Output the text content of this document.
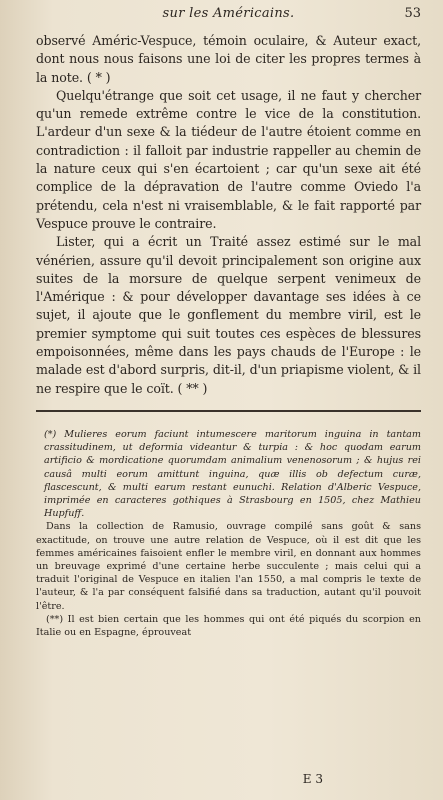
sur les Américains.	53

observé Améric-Vespuce, témoin oculaire, & Auteur exact, dont nous nous faisons une loi de citer les propres termes à la note. ( * )

Quelqu'étrange que soit cet usage, il ne faut y chercher qu'un remede extrême contre le vice de la constitution. L'ardeur d'un sexe & la tiédeur de l'autre étoient comme en contradiction : il falloit par industrie rappeller au chemin de la nature ceux qui s'en écartoient ; car qu'un sexe ait été complice de la dépravation de l'autre comme Oviedo l'a prétendu, cela n'est ni vraisemblable, & le fait rapporté par Vespuce prouve le contraire.

Lister, qui a écrit un Traité assez estimé sur le mal vénérien, assure qu'il devoit principalement son origine aux suites de la morsure de quelque serpent venimeux de l'Amérique : & pour développer davantage ses idées à ce sujet, il ajoute que le gonflement du membre viril, est le premier symptome qui suit toutes ces espèces de blessures empoisonnées, même dans les pays chauds de l'Europe : le malade est d'abord surpris, dit-il, d'un priapisme violent, & il ne respire que le coït. ( ** )

(*) Mulieres eorum faciunt intumescere maritorum inguina in tantam crassitudinem, ut deformia videantur & turpia : & hoc quodam earum artificio & mordicatione quorumdam animalium venenosorum ; & hujus rei causâ multi eorum amittunt inguina, quæ illis ob defectum curæ, flascescunt, & multi earum restant eunuchi. Relation d'Alberic Vespuce, imprimée en caracteres gothiques à Strasbourg en 1505, chez Mathieu Hupfuff.

Dans la collection de Ramusio, ouvrage compilé sans goût & sans exactitude, on trouve une autre relation de Vespuce, où il est dit que les femmes américaines faisoient enfler le membre viril, en donnant aux hommes un breuvage exprimé d'une certaine herbe succulente ; mais celui qui a traduit l'original de Vespuce en italien l'an 1550, a mal compris le texte de l'auteur, & l'a par conséquent falsifié dans sa traduction, autant qu'il pouvoit l'être.

(**) Il est bien certain que les hommes qui ont été piqués du scorpion en Italie ou en Espagne, éprouveat

E 3
